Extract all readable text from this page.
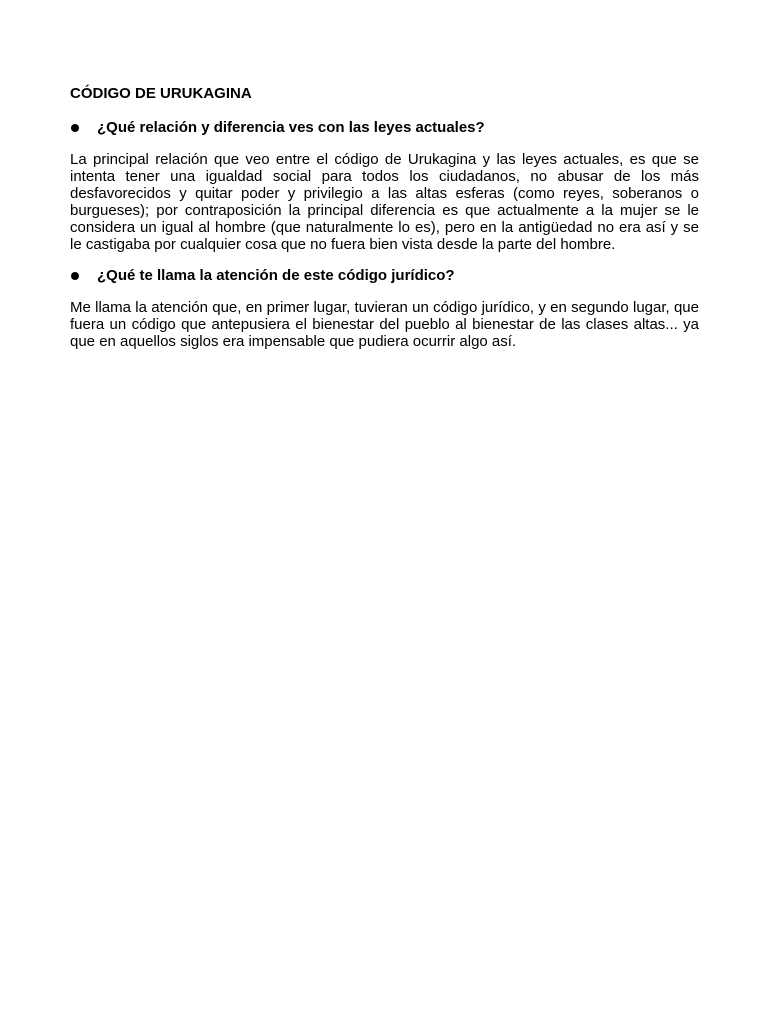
CÓDIGO DE URUKAGINA
¿Qué relación y diferencia ves con las leyes actuales?

La principal relación que veo entre el código de Urukagina y las leyes actuales, es que se intenta tener una igualdad social para todos los ciudadanos, no abusar de los más desfavorecidos y quitar poder y privilegio a las altas esferas (como reyes, soberanos o burgueses); por contraposición la principal diferencia es que actualmente a la mujer se le considera un igual al hombre (que naturalmente lo es), pero en la antigüedad no era así y se le castigaba por cualquier cosa que no fuera bien vista desde la parte del hombre.

¿Qué te llama la atención de este código jurídico?

Me llama la atención que, en primer lugar, tuvieran un código jurídico, y en segundo lugar, que fuera un código que antepusiera el bienestar del pueblo al bienestar de las clases altas... ya que en aquellos siglos era impensable que pudiera ocurrir algo así.
